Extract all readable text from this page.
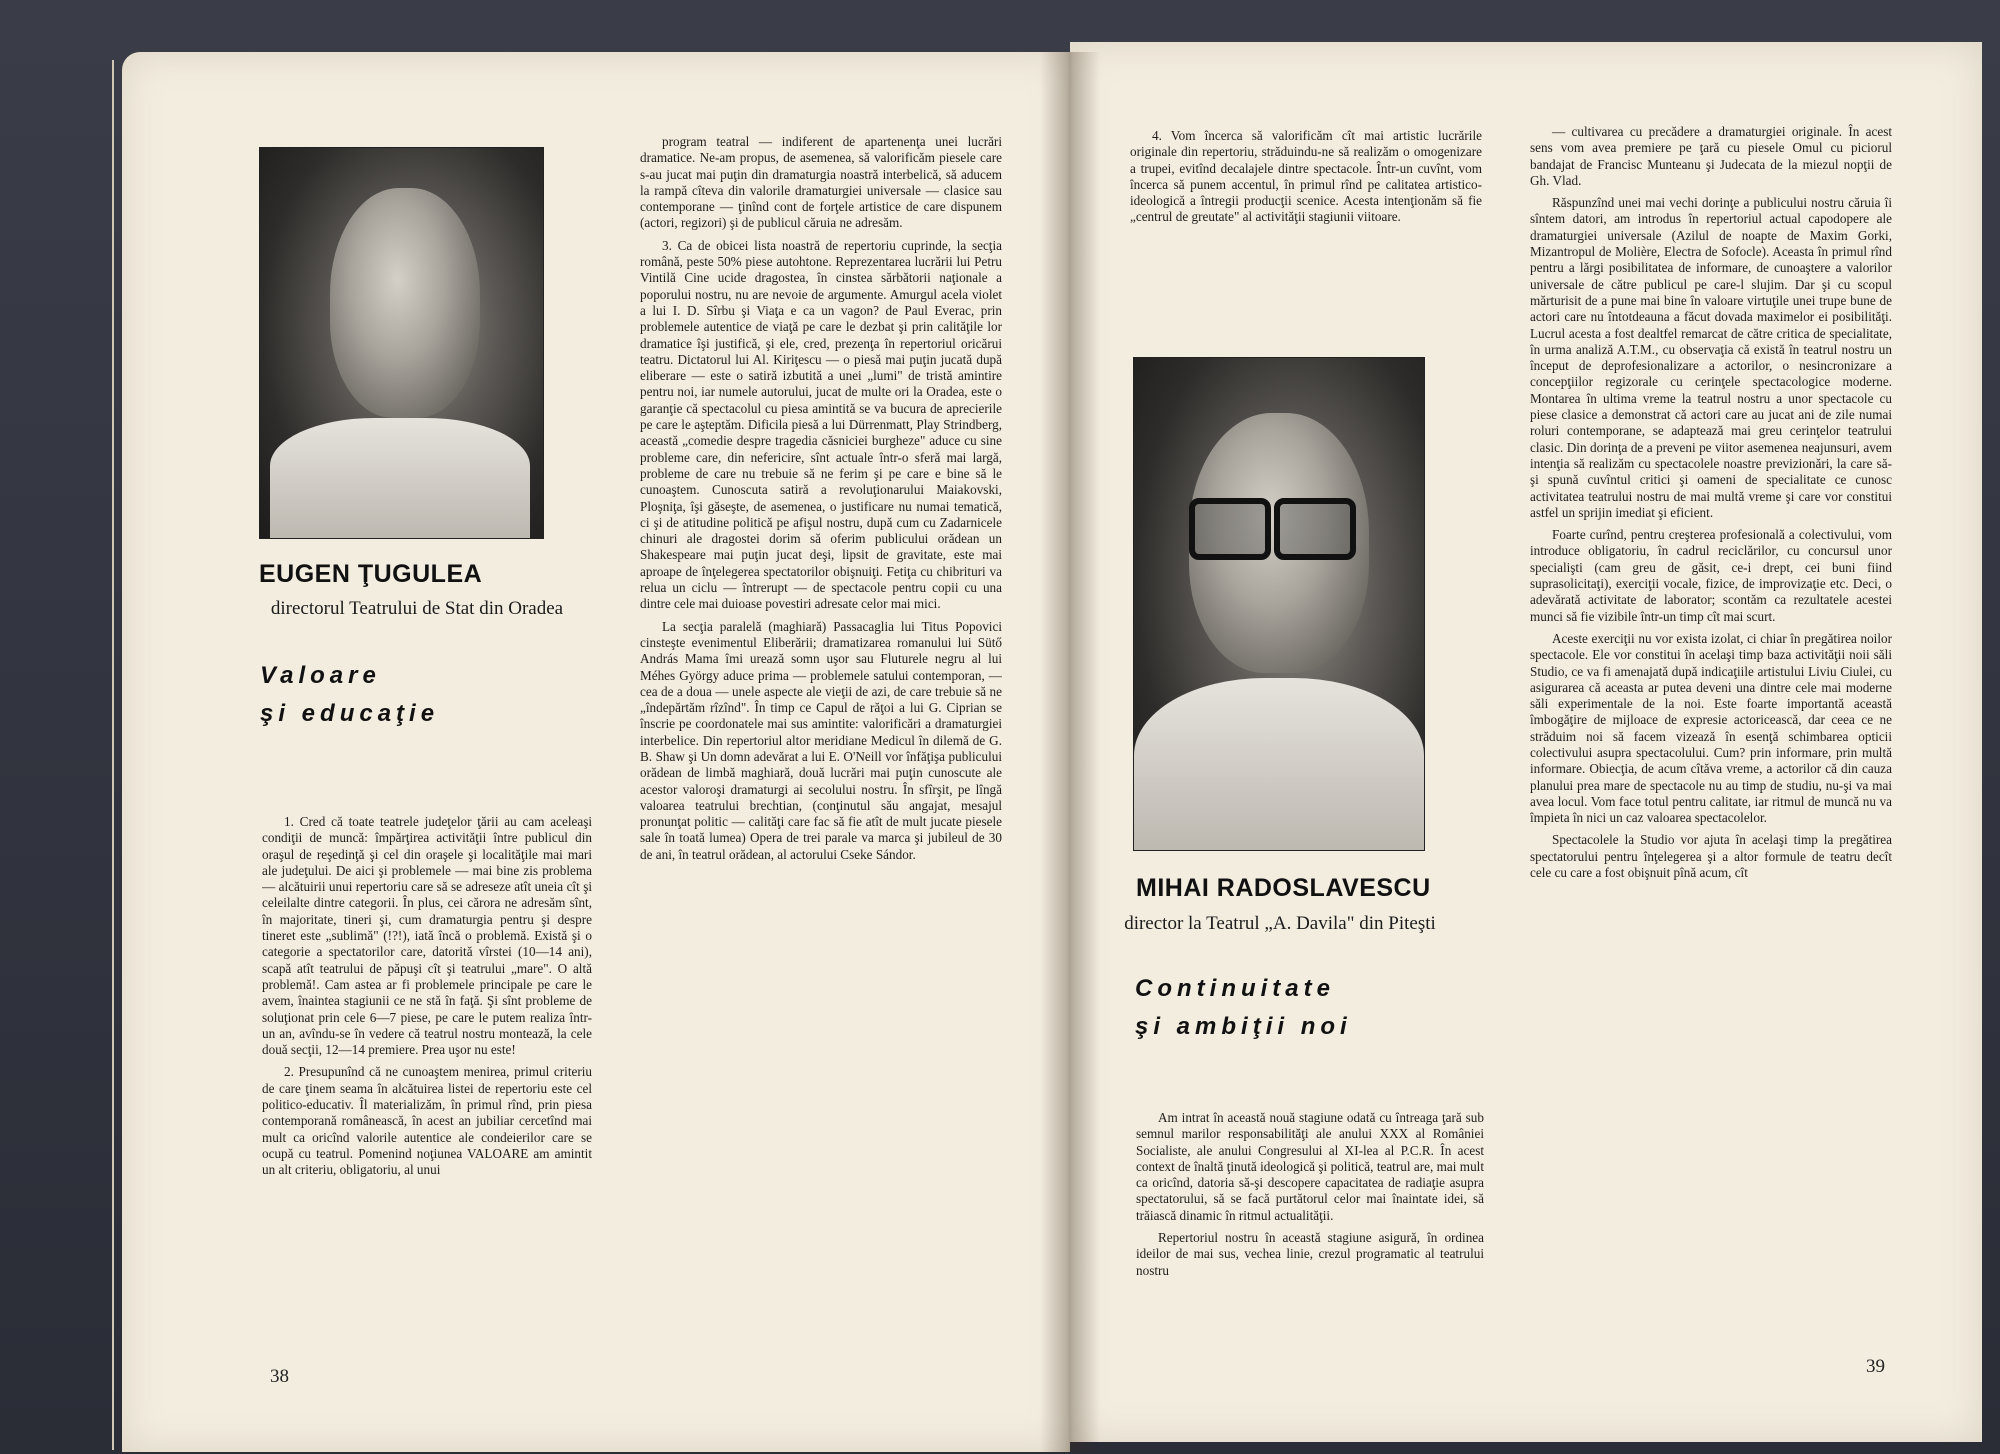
EUGEN ŢUGULEA
directorul Teatrului de Stat din Oradea
Valoare
şi educaţie

1. Cred că toate teatrele judeţelor ţării au cam aceleaşi condiţii de muncă: împărţirea activităţii între publicul din oraşul de reşedinţă şi cel din oraşele şi localităţile mai mari ale judeţului. De aici şi problemele — mai bine zis problema — alcătuirii unui repertoriu care să se adreseze atît uneia cît şi celeilalte dintre categorii. În plus, cei cărora ne adresăm sînt, în majoritate, tineri şi, cum dramaturgia pentru şi despre tineret este „sublimă" (!?!), iată încă o problemă. Există şi o categorie a spectatorilor care, datorită vîrstei (10—14 ani), scapă atît teatrului de păpuşi cît şi teatrului „mare". O altă problemă!. Cam astea ar fi problemele principale pe care le avem, înaintea stagiunii ce ne stă în faţă. Şi sînt probleme de soluţionat prin cele 6—7 piese, pe care le putem realiza într-un an, avîndu-se în vedere că teatrul nostru montează, la cele două secţii, 12—14 premiere. Prea uşor nu este!

2. Presupunînd că ne cunoaştem menirea, primul criteriu de care ţinem seama în alcătuirea listei de repertoriu este cel politico-educativ. Îl materializăm, în primul rînd, prin piesa contemporană românească, în acest an jubiliar cercetînd mai mult ca oricînd valorile autentice ale condeierilor care se ocupă cu teatrul. Pomenind noţiunea VALOARE am amintit un alt criteriu, obligatoriu, al unui

program teatral — indiferent de apartenenţa unei lucrări dramatice. Ne-am propus, de asemenea, să valorificăm piesele care s-au jucat mai puţin din dramaturgia noastră interbelică, să aducem la rampă cîteva din valorile dramaturgiei universale — clasice sau contemporane — ţinînd cont de forţele artistice de care dispunem (actori, regizori) şi de publicul căruia ne adresăm.

3. Ca de obicei lista noastră de repertoriu cuprinde, la secţia română, peste 50% piese autohtone. Reprezentarea lucrării lui Petru Vintilă Cine ucide dragostea, în cinstea sărbătorii naţionale a poporului nostru, nu are nevoie de argumente. Amurgul acela violet a lui I. D. Sîrbu şi Viaţa e ca un vagon? de Paul Everac, prin problemele autentice de viaţă pe care le dezbat şi prin calităţile lor dramatice îşi justifică, şi ele, cred, prezenţa în repertoriul oricărui teatru. Dictatorul lui Al. Kiriţescu — o piesă mai puţin jucată după eliberare — este o satiră izbutită a unei „lumi" de tristă amintire pentru noi, iar numele autorului, jucat de multe ori la Oradea, este o garanţie că spectacolul cu piesa amintită se va bucura de aprecierile pe care le aşteptăm. Dificila piesă a lui Dürrenmatt, Play Strindberg, această „comedie despre tragedia căsniciei burgheze" aduce cu sine probleme care, din nefericire, sînt actuale într-o sferă mai largă, probleme de care nu trebuie să ne ferim şi pe care e bine să le cunoaştem. Cunoscuta satiră a revoluţionarului Maiakovski, Ploşniţa, îşi găseşte, de asemenea, o justificare nu numai tematică, ci şi de atitudine politică pe afişul nostru, după cum cu Zadarnicele chinuri ale dragostei dorim să oferim publicului orădean un Shakespeare mai puţin jucat deşi, lipsit de gravitate, este mai aproape de înţelegerea spectatorilor obişnuiţi. Fetiţa cu chibrituri va relua un ciclu — întrerupt — de spectacole pentru copii cu una dintre cele mai duioase povestiri adresate celor mai mici.

La secţia paralelă (maghiară) Passacaglia lui Titus Popovici cinsteşte evenimentul Eliberării; dramatizarea romanului lui Sütő András Mama îmi urează somn uşor sau Fluturele negru al lui Méhes György aduce prima — problemele satului contemporan, — cea de a doua — unele aspecte ale vieţii de azi, de care trebuie să ne „îndepărtăm rîzînd". În timp ce Capul de răţoi a lui G. Ciprian se înscrie pe coordonatele mai sus amintite: valorificări a dramaturgiei interbelice. Din repertoriul altor meridiane Medicul în dilemă de G. B. Shaw şi Un domn adevărat a lui E. O'Neill vor înfăţişa publicului orădean de limbă maghiară, două lucrări mai puţin cunoscute ale acestor valoroşi dramaturgi ai secolului nostru. În sfîrşit, pe lîngă valoarea teatrului brechtian, (conţinutul său angajat, mesajul pronunţat politic — calităţi care fac să fie atît de mult jucate piesele sale în toată lumea) Opera de trei parale va marca şi jubileul de 30 de ani, în teatrul orădean, al actorului Cseke Sándor.

38

4. Vom încerca să valorificăm cît mai artistic lucrările originale din repertoriu, străduindu-ne să realizăm o omogenizare a trupei, evitînd decalajele dintre spectacole. Într-un cuvînt, vom încerca să punem accentul, în primul rînd pe calitatea artistico-ideologică a întregii producţii scenice. Acesta intenţionăm să fie „centrul de greutate" al activităţii stagiunii viitoare.

MIHAI RADOSLAVESCU
director la Teatrul „A. Davila" din Piteşti
Continuitate
şi ambiţii noi

Am intrat în această nouă stagiune odată cu întreaga ţară sub semnul marilor responsabilităţi ale anului XXX al României Socialiste, ale anului Congresului al XI-lea al P.C.R. În acest context de înaltă ţinută ideologică şi politică, teatrul are, mai mult ca oricînd, datoria să-şi descopere capacitatea de radiaţie asupra spectatorului, să se facă purtătorul celor mai înaintate idei, să trăiască dinamic în ritmul actualităţii.

Repertoriul nostru în această stagiune asigură, în ordinea ideilor de mai sus, vechea linie, crezul programatic al teatrului nostru

— cultivarea cu precădere a dramaturgiei originale. În acest sens vom avea premiere pe ţară cu piesele Omul cu piciorul bandajat de Francisc Munteanu şi Judecata de la miezul nopţii de Gh. Vlad.

Răspunzînd unei mai vechi dorinţe a publicului nostru căruia îi sîntem datori, am introdus în repertoriul actual capodopere ale dramaturgiei universale (Azilul de noapte de Maxim Gorki, Mizantropul de Molière, Electra de Sofocle). Aceasta în primul rînd pentru a lărgi posibilitatea de informare, de cunoaştere a valorilor universale de către publicul pe care-l slujim. Dar şi cu scopul mărturisit de a pune mai bine în valoare virtuţile unei trupe bune de actori care nu întotdeauna a făcut dovada maximelor ei posibilităţi. Lucrul acesta a fost dealtfel remarcat de către critica de specialitate, în urma analiză A.T.M., cu observaţia că există în teatrul nostru un început de deprofesionalizare a actorilor, o nesincronizare a concepţiilor regizorale cu cerinţele spectacologice moderne. Montarea în ultima vreme la teatrul nostru a unor spectacole cu piese clasice a demonstrat că actori care au jucat ani de zile numai roluri contemporane, se adaptează mai greu cerinţelor teatrului clasic. Din dorinţa de a preveni pe viitor asemenea neajunsuri, avem intenţia să realizăm cu spectacolele noastre previzionări, la care să-şi spună cuvîntul critici şi oameni de specialitate ce cunosc activitatea teatrului nostru de mai multă vreme şi care vor constitui astfel un sprijin imediat şi eficient.

Foarte curînd, pentru creşterea profesională a colectivului, vom introduce obligatoriu, în cadrul reciclărilor, cu concursul unor specialişti (cam greu de găsit, ce-i drept, cei buni fiind suprasolicitaţi), exerciţii vocale, fizice, de improvizaţie etc. Deci, o adevărată activitate de laborator; scontăm ca rezultatele acestei munci să fie vizibile într-un timp cît mai scurt.

Aceste exerciţii nu vor exista izolat, ci chiar în pregătirea noilor spectacole. Ele vor constitui în acelaşi timp baza activităţii noii săli Studio, ce va fi amenajată după indicaţiile artistului Liviu Ciulei, cu asigurarea că aceasta ar putea deveni una dintre cele mai moderne săli experimentale de la noi. Este foarte importantă această îmbogăţire de mijloace de expresie actoricească, dar ceea ce ne străduim noi să facem vizează în esenţă schimbarea opticii colectivului asupra spectacolului. Cum? prin informare, prin multă informare. Obiecţia, de acum cîtăva vreme, a actorilor că din cauza planului prea mare de spectacole nu au timp de studiu, nu-şi va mai avea locul. Vom face totul pentru calitate, iar ritmul de muncă nu va împieta în nici un caz valoarea spectacolelor.

Spectacolele la Studio vor ajuta în acelaşi timp la pregătirea spectatorului pentru înţelegerea şi a altor formule de teatru decît cele cu care a fost obişnuit pînă acum, cît

39
